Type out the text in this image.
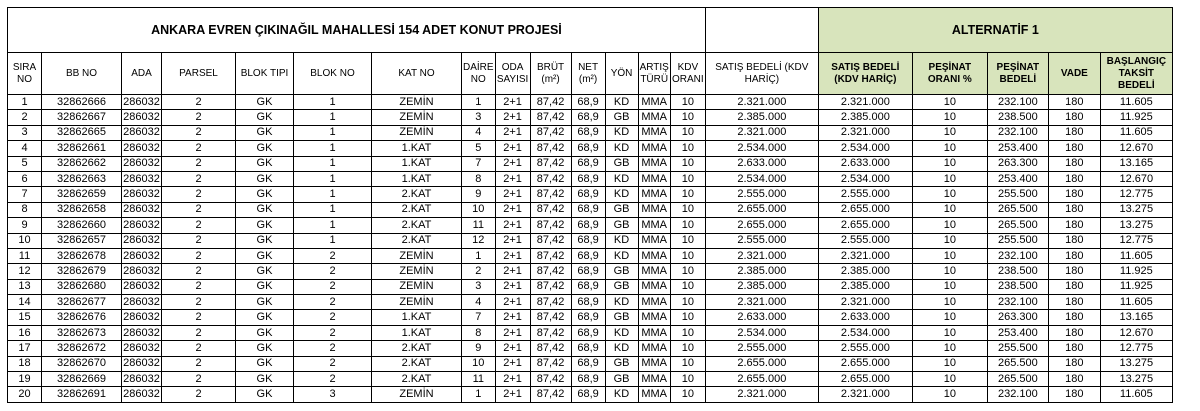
ANKARA EVREN ÇIKINAĞIL MAHALLESİ 154 ADET KONUT PROJESİ															ALTERNATİF 1				
SIRA NO	BB NO	ADA	PARSEL	BLOK TIPI	BLOK NO	KAT NO	DAİRE NO	ODA SAYISI	BRÜT (m²)	NET (m²)	YÖN	ARTIŞ TÜRÜ	KDV ORANI	SATIŞ BEDELİ (KDV HARİÇ)	SATIŞ BEDELİ (KDV HARİÇ)	PEŞİNAT ORANI %	PEŞİNAT BEDELİ	VADE	BAŞLANGIÇ TAKSİT BEDELİ
1	32862666	286032	2	GK	1	ZEMİN	1	2+1	87,42	68,9	KD	MMA	10	2.321.000	2.321.000	10	232.100	180	11.605
2	32862667	286032	2	GK	1	ZEMİN	3	2+1	87,42	68,9	GB	MMA	10	2.385.000	2.385.000	10	238.500	180	11.925
3	32862665	286032	2	GK	1	ZEMİN	4	2+1	87,42	68,9	KD	MMA	10	2.321.000	2.321.000	10	232.100	180	11.605
4	32862661	286032	2	GK	1	1.KAT	5	2+1	87,42	68,9	KD	MMA	10	2.534.000	2.534.000	10	253.400	180	12.670
5	32862662	286032	2	GK	1	1.KAT	7	2+1	87,42	68,9	GB	MMA	10	2.633.000	2.633.000	10	263.300	180	13.165
6	32862663	286032	2	GK	1	1.KAT	8	2+1	87,42	68,9	KD	MMA	10	2.534.000	2.534.000	10	253.400	180	12.670
7	32862659	286032	2	GK	1	2.KAT	9	2+1	87,42	68,9	KD	MMA	10	2.555.000	2.555.000	10	255.500	180	12.775
8	32862658	286032	2	GK	1	2.KAT	10	2+1	87,42	68,9	GB	MMA	10	2.655.000	2.655.000	10	265.500	180	13.275
9	32862660	286032	2	GK	1	2.KAT	11	2+1	87,42	68,9	GB	MMA	10	2.655.000	2.655.000	10	265.500	180	13.275
10	32862657	286032	2	GK	1	2.KAT	12	2+1	87,42	68,9	KD	MMA	10	2.555.000	2.555.000	10	255.500	180	12.775
11	32862678	286032	2	GK	2	ZEMİN	1	2+1	87,42	68,9	KD	MMA	10	2.321.000	2.321.000	10	232.100	180	11.605
12	32862679	286032	2	GK	2	ZEMİN	2	2+1	87,42	68,9	GB	MMA	10	2.385.000	2.385.000	10	238.500	180	11.925
13	32862680	286032	2	GK	2	ZEMİN	3	2+1	87,42	68,9	GB	MMA	10	2.385.000	2.385.000	10	238.500	180	11.925
14	32862677	286032	2	GK	2	ZEMİN	4	2+1	87,42	68,9	KD	MMA	10	2.321.000	2.321.000	10	232.100	180	11.605
15	32862676	286032	2	GK	2	1.KAT	7	2+1	87,42	68,9	GB	MMA	10	2.633.000	2.633.000	10	263.300	180	13.165
16	32862673	286032	2	GK	2	1.KAT	8	2+1	87,42	68,9	KD	MMA	10	2.534.000	2.534.000	10	253.400	180	12.670
17	32862672	286032	2	GK	2	2.KAT	9	2+1	87,42	68,9	KD	MMA	10	2.555.000	2.555.000	10	255.500	180	12.775
18	32862670	286032	2	GK	2	2.KAT	10	2+1	87,42	68,9	GB	MMA	10	2.655.000	2.655.000	10	265.500	180	13.275
19	32862669	286032	2	GK	2	2.KAT	11	2+1	87,42	68,9	GB	MMA	10	2.655.000	2.655.000	10	265.500	180	13.275
20	32862691	286032	2	GK	3	ZEMİN	1	2+1	87,42	68,9	KD	MMA	10	2.321.000	2.321.000	10	232.100	180	11.605
